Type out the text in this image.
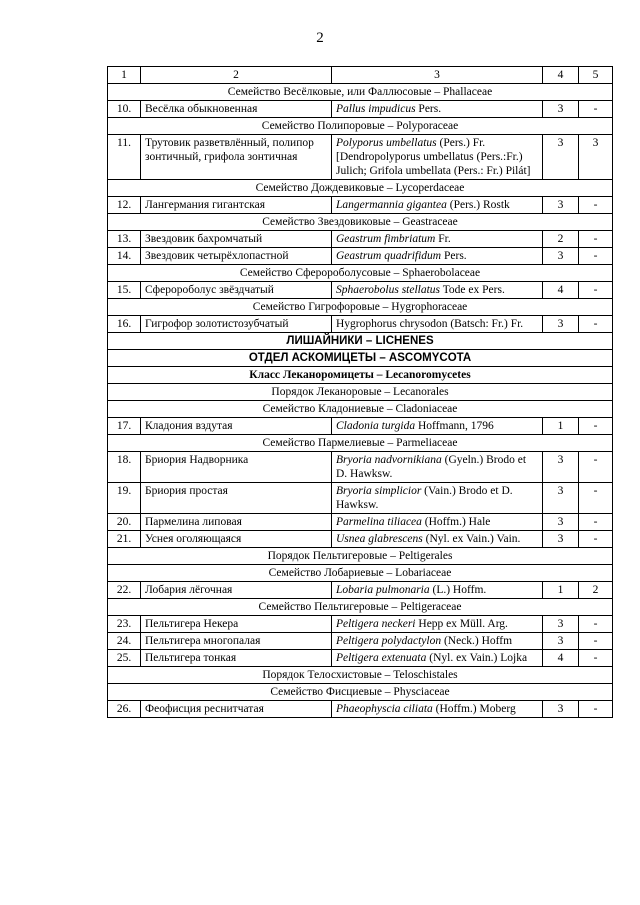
2
1	2	3	4	5
Семейство Весёлковые, или Фаллюсовые – Phallaceae				
10.	Весёлка обыкновенная	Pallus impudicus Pers.	3	-
Семейство Полипоровые – Polyporaceae				
11.	Трутовик разветвлённый, полипор зонтичный, грифола зонтичная	Polyporus umbellatus (Pers.) Fr. [Dendropolyporus umbellatus (Pers.:Fr.) Julich; Grifola umbellata (Pers.: Fr.) Pilát]	3	3
Семейство Дождевиковые – Lycoperdaceae				
12.	Лангермания гигантская	Langermannia gigantea (Pers.) Rostk	3	-
Семейство Звездовиковые – Geastraceae				
13.	Звездовик бахромчатый	Geastrum fimbriatum Fr.	2	-
14.	Звездовик четырёхлопастной	Geastrum quadrifidum Pers.	3	-
Семейство Сферороболусовые – Sphaerobolaceae				
15.	Сферороболус звёздчатый	Sphaerobolus stellatus Tode ex Pers.	4	-
Семейство Гигрофоровые – Hygrophoraceae				
16.	Гигрофор золотистозубчатый	Hygrophorus chrysodon (Batsch: Fr.) Fr.	3	-
ЛИШАЙНИКИ – LICHENES				
ОТДЕЛ АСКОМИЦЕТЫ – ASCOMYCOTA				
Класс Леканоромицеты – Lecanoromycetes				
Порядок Леканоровые – Lecanorales				
Семейство Кладониевые – Cladoniaceae				
17.	Кладония вздутая	Cladonia turgida Hoffmann, 1796	1	-
Семейство Пармелиевые – Parmeliaceae				
18.	Бриория Надворника	Bryoria nadvornikiana (Gyeln.) Brodo et D. Hawksw.	3	-
19.	Бриория простая	Bryoria simplicior (Vain.) Brodo et D. Hawksw.	3	-
20.	Пармелина липовая	Parmelina tiliacea (Hoffm.) Hale	3	-
21.	Уснея оголяющаяся	Usnea glabrescens (Nyl. ex Vain.) Vain.	3	-
Порядок Пельтигеровые – Peltigerales				
Семейство Лобариевые – Lobariaceae				
22.	Лобария лёгочная	Lobaria pulmonaria (L.) Hoffm.	1	2
Семейство Пельтигеровые – Peltigeraceae				
23.	Пельтигера Некера	Peltigera neckeri Hepp ex Müll. Arg.	3	-
24.	Пельтигера многопалая	Peltigera polydactylon (Neck.) Hoffm	3	-
25.	Пельтигера тонкая	Peltigera extenuata (Nyl. ex Vain.) Lojka	4	-
Порядок Телосхистовые – Teloschistales				
Семейство Фисциевые – Physciaceae				
26.	Феофисция реснитчатая	Phaeophyscia ciliata (Hoffm.) Moberg	3	-
